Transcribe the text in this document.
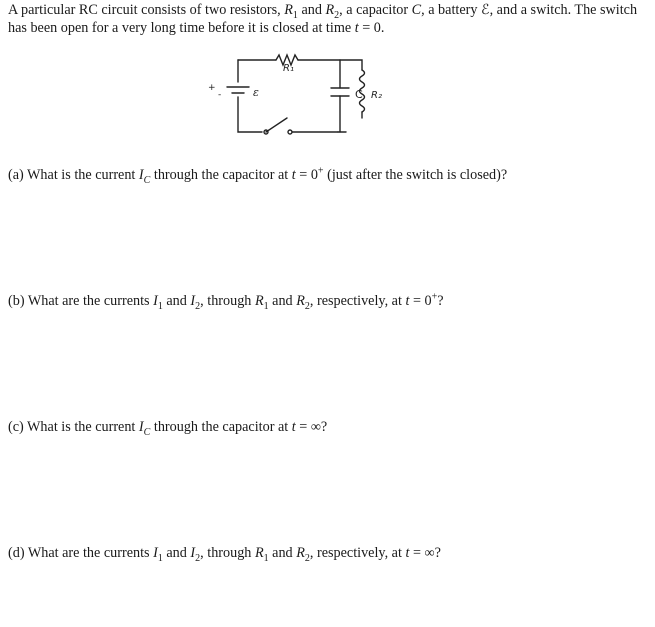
A particular RC circuit consists of two resistors, $R_1$ and $R_2$, a capacitor C, a battery ℰ, and a switch. The switch has been open for a very long time before it is closed at time t = 0.

R₁
C R₂
ε
+
-

(a) What is the current $I_C$ through the capacitor at t = 0+ (just after the switch is closed)?

(b) What are the currents $I_1$ and $I_2$, through $R_1$ and $R_2$, respectively, at t = 0+?

(c) What is the current $I_C$ through the capacitor at t = ∞?

(d) What are the currents $I_1$ and $I_2$, through $R_1$ and $R_2$, respectively, at t = ∞?
